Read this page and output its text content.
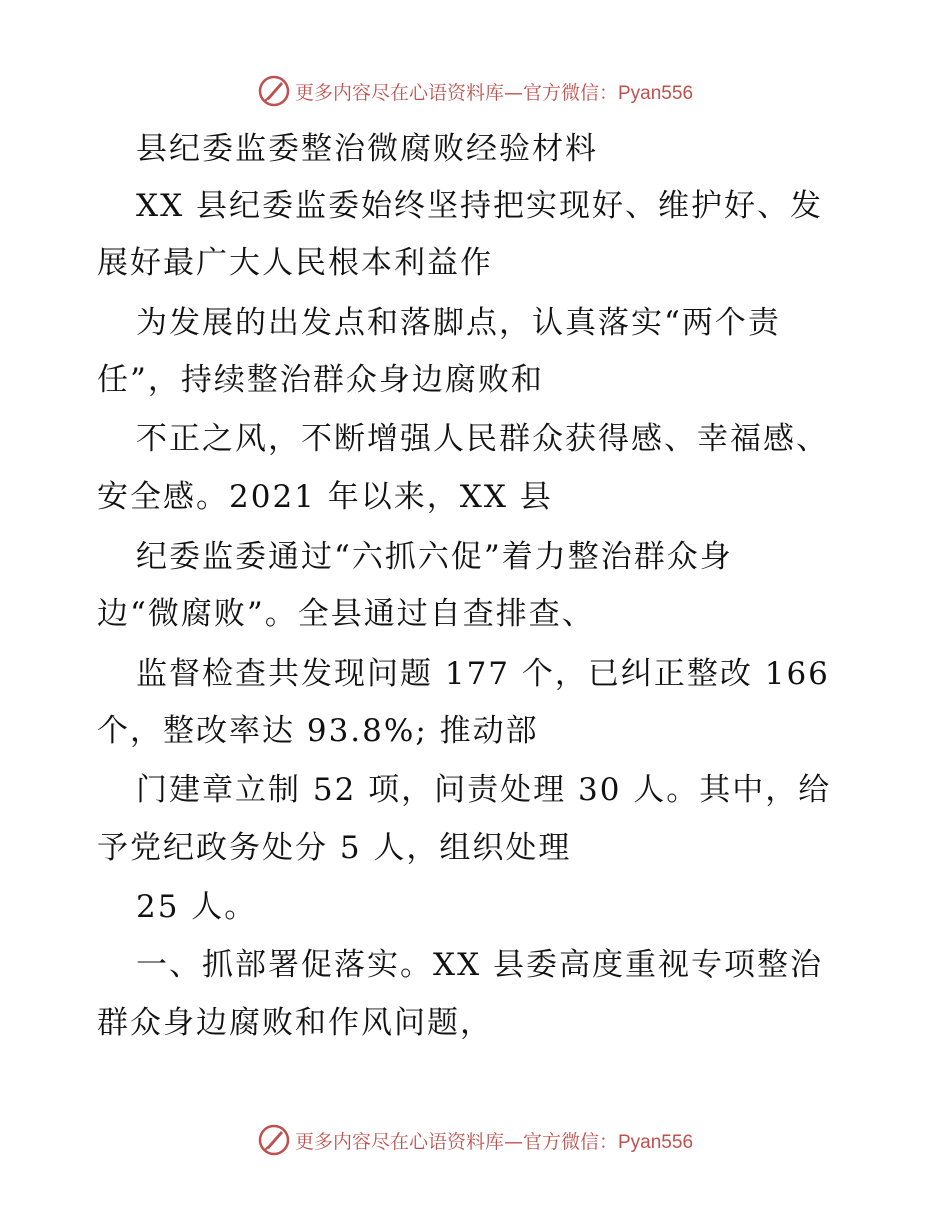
更多内容尽在心语资料库—官方微信：Pyan556
县纪委监委整治微腐败经验材料
XX 县纪委监委始终坚持把实现好、维护好、发
展好最广大人民根本利益作
为发展的出发点和落脚点，认真落实“两个责
任”，持续整治群众身边腐败和
不正之风，不断增强人民群众获得感、幸福感、
安全感。2021 年以来，XX 县
纪委监委通过“六抓六促”着力整治群众身
边“微腐败”。全县通过自查排查、
监督检查共发现问题 177 个，已纠正整改 166
个，整改率达 93.8%; 推动部
门建章立制 52 项，问责处理 30 人。其中，给
予党纪政务处分 5 人，组织处理
25 人。
一、抓部署促落实。XX 县委高度重视专项整治
群众身边腐败和作风问题，
更多内容尽在心语资料库—官方微信：Pyan556
